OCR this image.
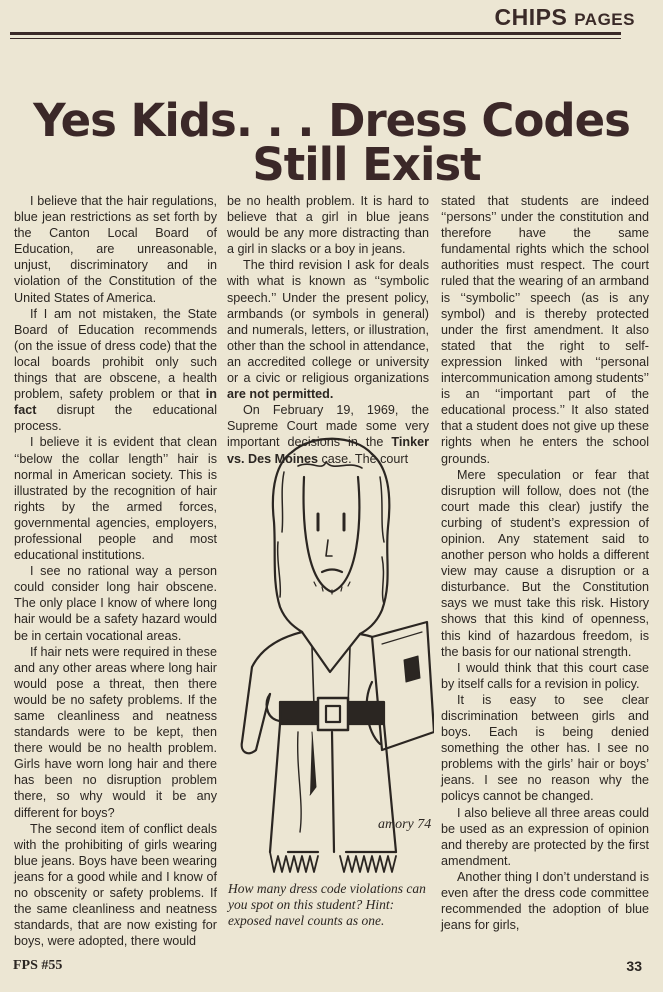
CHIPS PAGES
Yes Kids. . . Dress Codes
Still Exist

I believe that the hair regulations, blue jean restrictions as set forth by the Canton Local Board of Education, are unreasonable, unjust, discriminatory and in violation of the Constitution of the United States of America.

If I am not mistaken, the State Board of Education recommends (on the issue of dress code) that the local boards prohibit only such things that are obscene, a health problem, safety problem or that in fact disrupt the educational process.

I believe it is evident that clean ‘‘below the collar length’’ hair is normal in American society. This is illustrated by the recognition of hair rights by the armed forces, governmental agencies, employers, professional people and most educational institutions.

I see no rational way a person could consider long hair obscene. The only place I know of where long hair would be a safety hazard would be in certain vocational areas.

If hair nets were required in these and any other areas where long hair would pose a threat, then there would be no safety problems. If the same cleanliness and neatness standards were to be kept, then there would be no health problem. Girls have worn long hair and there has been no disruption problem there, so why would it be any different for boys?

The second item of conflict deals with the prohibiting of girls wearing blue jeans. Boys have been wearing jeans for a good while and I know of no obscenity or safety problems. If the same cleanliness and neatness standards, that are now existing for boys, were adopted, there would

be no health problem. It is hard to believe that a girl in blue jeans would be any more distracting than a girl in slacks or a boy in jeans.

The third revision I ask for deals with what is known as ‘‘symbolic speech.’’ Under the present policy, armbands (or symbols in general) and numerals, letters, or illustration, other than the school in attendance, an accredited college or university or a civic or religious organizations are not permitted.

On February 19, 1969, the Supreme Court made some very important decisions in the Tinker vs. Des Moines case. The court

stated that students are indeed ‘‘persons’’ under the constitution and therefore have the same fundamental rights which the school authorities must respect. The court ruled that the wearing of an armband is ‘‘symbolic’’ speech (as is any symbol) and is thereby protected under the first amendment. It also stated that the right to self-expression linked with ‘‘personal intercommunication among students’’ is an ‘‘important part of the educational process.’’ It also stated that a student does not give up these rights when he enters the school grounds.

Mere speculation or fear that disruption will follow, does not (the court made this clear) justify the curbing of student’s expression of opinion. Any statement said to another person who holds a different view may cause a disruption or a disturbance. But the Constitution says we must take this risk. History shows that this kind of openness, this kind of hazardous freedom, is the basis for our national strength.

I would think that this court case by itself calls for a revision in policy.

It is easy to see clear discrimination between girls and boys. Each is being denied something the other has. I see no problems with the girls’ hair or boys’ jeans. I see no reason why the policys cannot be changed.

I also believe all three areas could be used as an expression of opinion and thereby are protected by the first amendment.

Another thing I don’t understand is even after the dress code committee recommended the adoption of blue jeans for girls,

amory 74
How many dress code violations can you spot on this student? Hint: exposed navel counts as one.
FPS #55	33
